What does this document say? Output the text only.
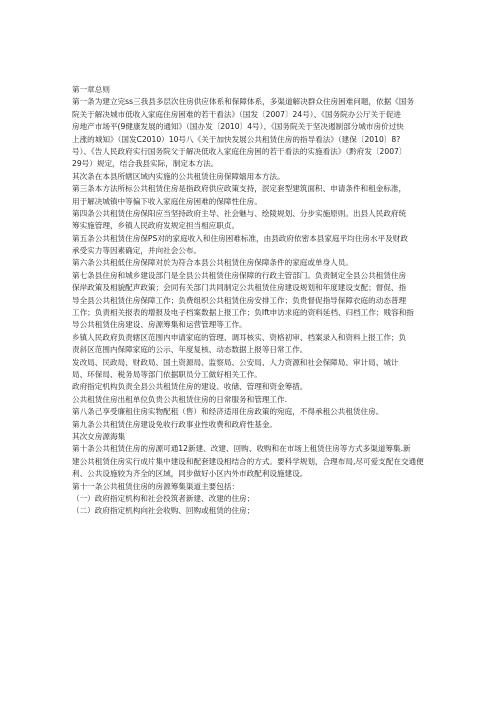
第一章总则
第一条为建立完ss三我县多层次住房供应体系和保障体系，多渠道解决群众住房困难问题，依据《国务
院关于解决城市低收入家庭住房困难的若干看法》（国发〔2007〕24号）、《国务院办公厅关于促进
房地产市场平(9健康发展的通知》（国办发〔2010〕4号）、《国务院关于坚决遏制部分城市房价过快
上涨的城知》（国发C2010）10号八《关于加快发展公共租赁住房的指导看法》（建保〔2010〕8?
号）、《告人民政府实行国务院父于解决低收入家庭住房困的若干看法的实施看法》（黔府发〔2007〕
29号）规定，结合我县实际，制定本方法。
其次条在本县所辖区域内实施的公共租赁住房保障嬉用本方法。
第三条本方法所标公共租赁住房是指政府供应政策支持，泯定套型建筑面积、申请条件和租金标准，
用于解决城镇中等偏下收入家庭住房困难的保障性住房。
第四条公共租赁住房保阳应当坚持政府主导、社会魅与、绘陵规划、分步实施原则。出县人民政府统
筹实施管理，乡镇人民政府发规定担当相应职贞。
第五条公共租赁住房保PS对的家庭收入和住房困难标准，由县政府依密本县家庭平均住房水平及财政
承受实力等因素确定，并向社会公布。
第六条公共租低住房保障对於为符合本县公共租赁住房保障条件的家庭或单身人员。
第七条县住房和城乡建设部门是全县公共租赁住房保障的行政主管部门。负责制定全县公共租赁住房
保岸政策及相貌配声政策；会同有关部门共同制定公共租赁住房建设规划和年度建设支配；督促、指
导全县公共租赁住房保障工作；负费组织公共租赁住房安排工作；负贵督促指导保障衣庭的动态普理
工作；负责相关报表的增报及电子档案数据上报工作；负Ift申访求庭的资料延档、归档工作；贱容和指
导公共租赁住房建设、房源筹集和运营管理等工作。
乡镇人民政府负责辖区范围内申请家庭的管理、调耳核实、资格初审、档案录入和资料上报工作；负
责斜区范围内保障家庭的公示、年度复核、动态数据上报等日常工作。
发改局、民政局、财政局、国土资源局、监察局、公安局、人力资源和社会保障局、审计局、城计
局、环保局、税务局等部门依据职员分工做好相关工作。
政府指定机构负责全县公共租赁住房的建设、收储、管理和资金筹措。
公共租赁住房出租单位负贵公共租赁住房的日常服务和管理工作.
第八条己享受廉租住房实物配租（售）和经济适用住房政策的宛庭，不得承租公共租赁住房。
第九条公共租赁住房建设免收行政事业性收费和政府性基金。
其次女房源海集
第十条公共租赁住房的房源可通12新建、改建、回购、收购和在市场上租赁住房等方式多渠道筹集.新
建公共租赁住房实行成片集中建设和配套建设相结合的方式。要科学规划，合理布局,尽可爱支配在交通便
利、公共设施较为齐全的区域，同步做好小区内外市政配利设施建设。
第十一条公共租赁住房的房源筹集渠道主要包括：
（一）政府指定机构和社会投筑者新建、改建的住房；
（二）政府指定机构向社会收购、回购或租赁的住房；
